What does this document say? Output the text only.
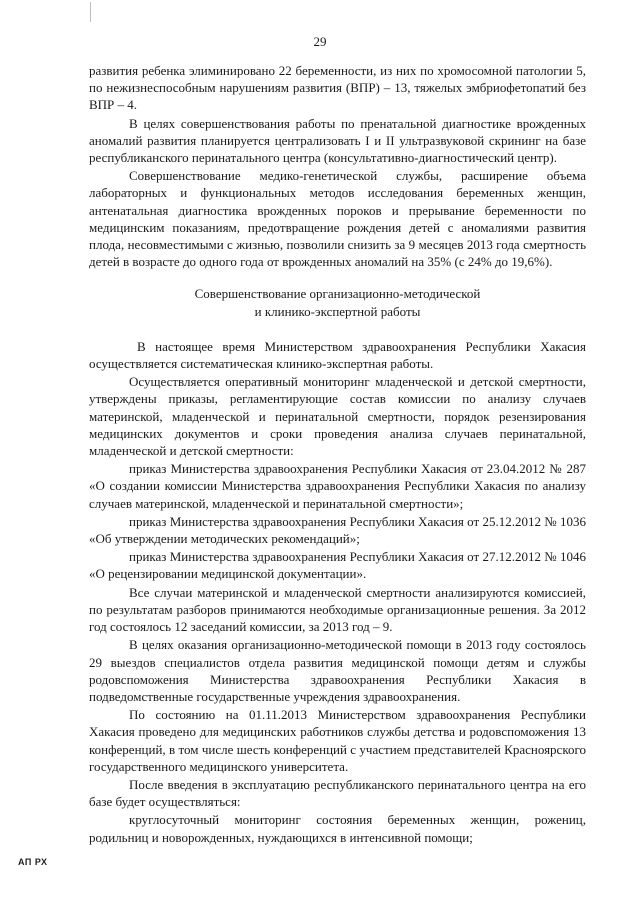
29

развития ребенка элиминировано 22 беременности, из них по хромосомной патологии 5, по нежизнеспособным нарушениям развития (ВПР) – 13, тяжелых эмбриофетопатий без ВПР – 4.

В целях совершенствования работы по пренатальной диагностике врожденных аномалий развития планируется централизовать I и II ультразвуковой скрининг на базе республиканского перинатального центра (консультативно-диагностический центр).

Совершенствование медико-генетической службы, расширение объема лабораторных и функциональных методов исследования беременных женщин, антенатальная диагностика врожденных пороков и прерывание беременности по медицинским показаниям, предотвращение рождения детей с аномалиями развития плода, несовместимыми с жизнью, позволили снизить за 9 месяцев 2013 года смертность детей в возрасте до одного года от врожденных аномалий на 35% (с 24% до 19,6%).

Совершенствование организационно-методической
и клинико-экспертной работы

В настоящее время Министерством здравоохранения Республики Хакасия осуществляется систематическая клинико-экспертная работы.

Осуществляется оперативный мониторинг младенческой и детской смертности, утверждены приказы, регламентирующие состав комиссии по анализу случаев материнской, младенческой и перинатальной смертности, порядок резензирования медицинских документов и сроки проведения анализа случаев перинатальной, младенческой и детской смертности:

приказ Министерства здравоохранения Республики Хакасия от 23.04.2012 № 287 «О создании комиссии Министерства здравоохранения Республики Хакасия по анализу случаев материнской, младенческой и перинатальной смертности»;

приказ Министерства здравоохранения Республики Хакасия от 25.12.2012 № 1036 «Об утверждении методических рекомендаций»;

приказ Министерства здравоохранения Республики Хакасия от 27.12.2012 № 1046 «О рецензировании медицинской документации».

Все случаи материнской и младенческой смертности анализируются комиссией, по результатам разборов принимаются необходимые организационные решения. За 2012 год состоялось 12 заседаний комиссии, за 2013 год – 9.

В целях оказания организационно-методической помощи в 2013 году состоялось 29 выездов специалистов отдела развития медицинской помощи детям и службы родовспоможения Министерства здравоохранения Республики Хакасия в подведомственные государственные учреждения здравоохранения.

По состоянию на 01.11.2013 Министерством здравоохранения Республики Хакасия проведено для медицинских работников службы детства и родовспоможения 13 конференций, в том числе шесть конференций с участием представителей Красноярского государственного медицинского университета.

После введения в эксплуатацию республиканского перинатального центра на его базе будет осуществляться:

круглосуточный мониторинг состояния беременных женщин, рожениц, родильниц и новорожденных, нуждающихся в интенсивной помощи;

АП РХ
